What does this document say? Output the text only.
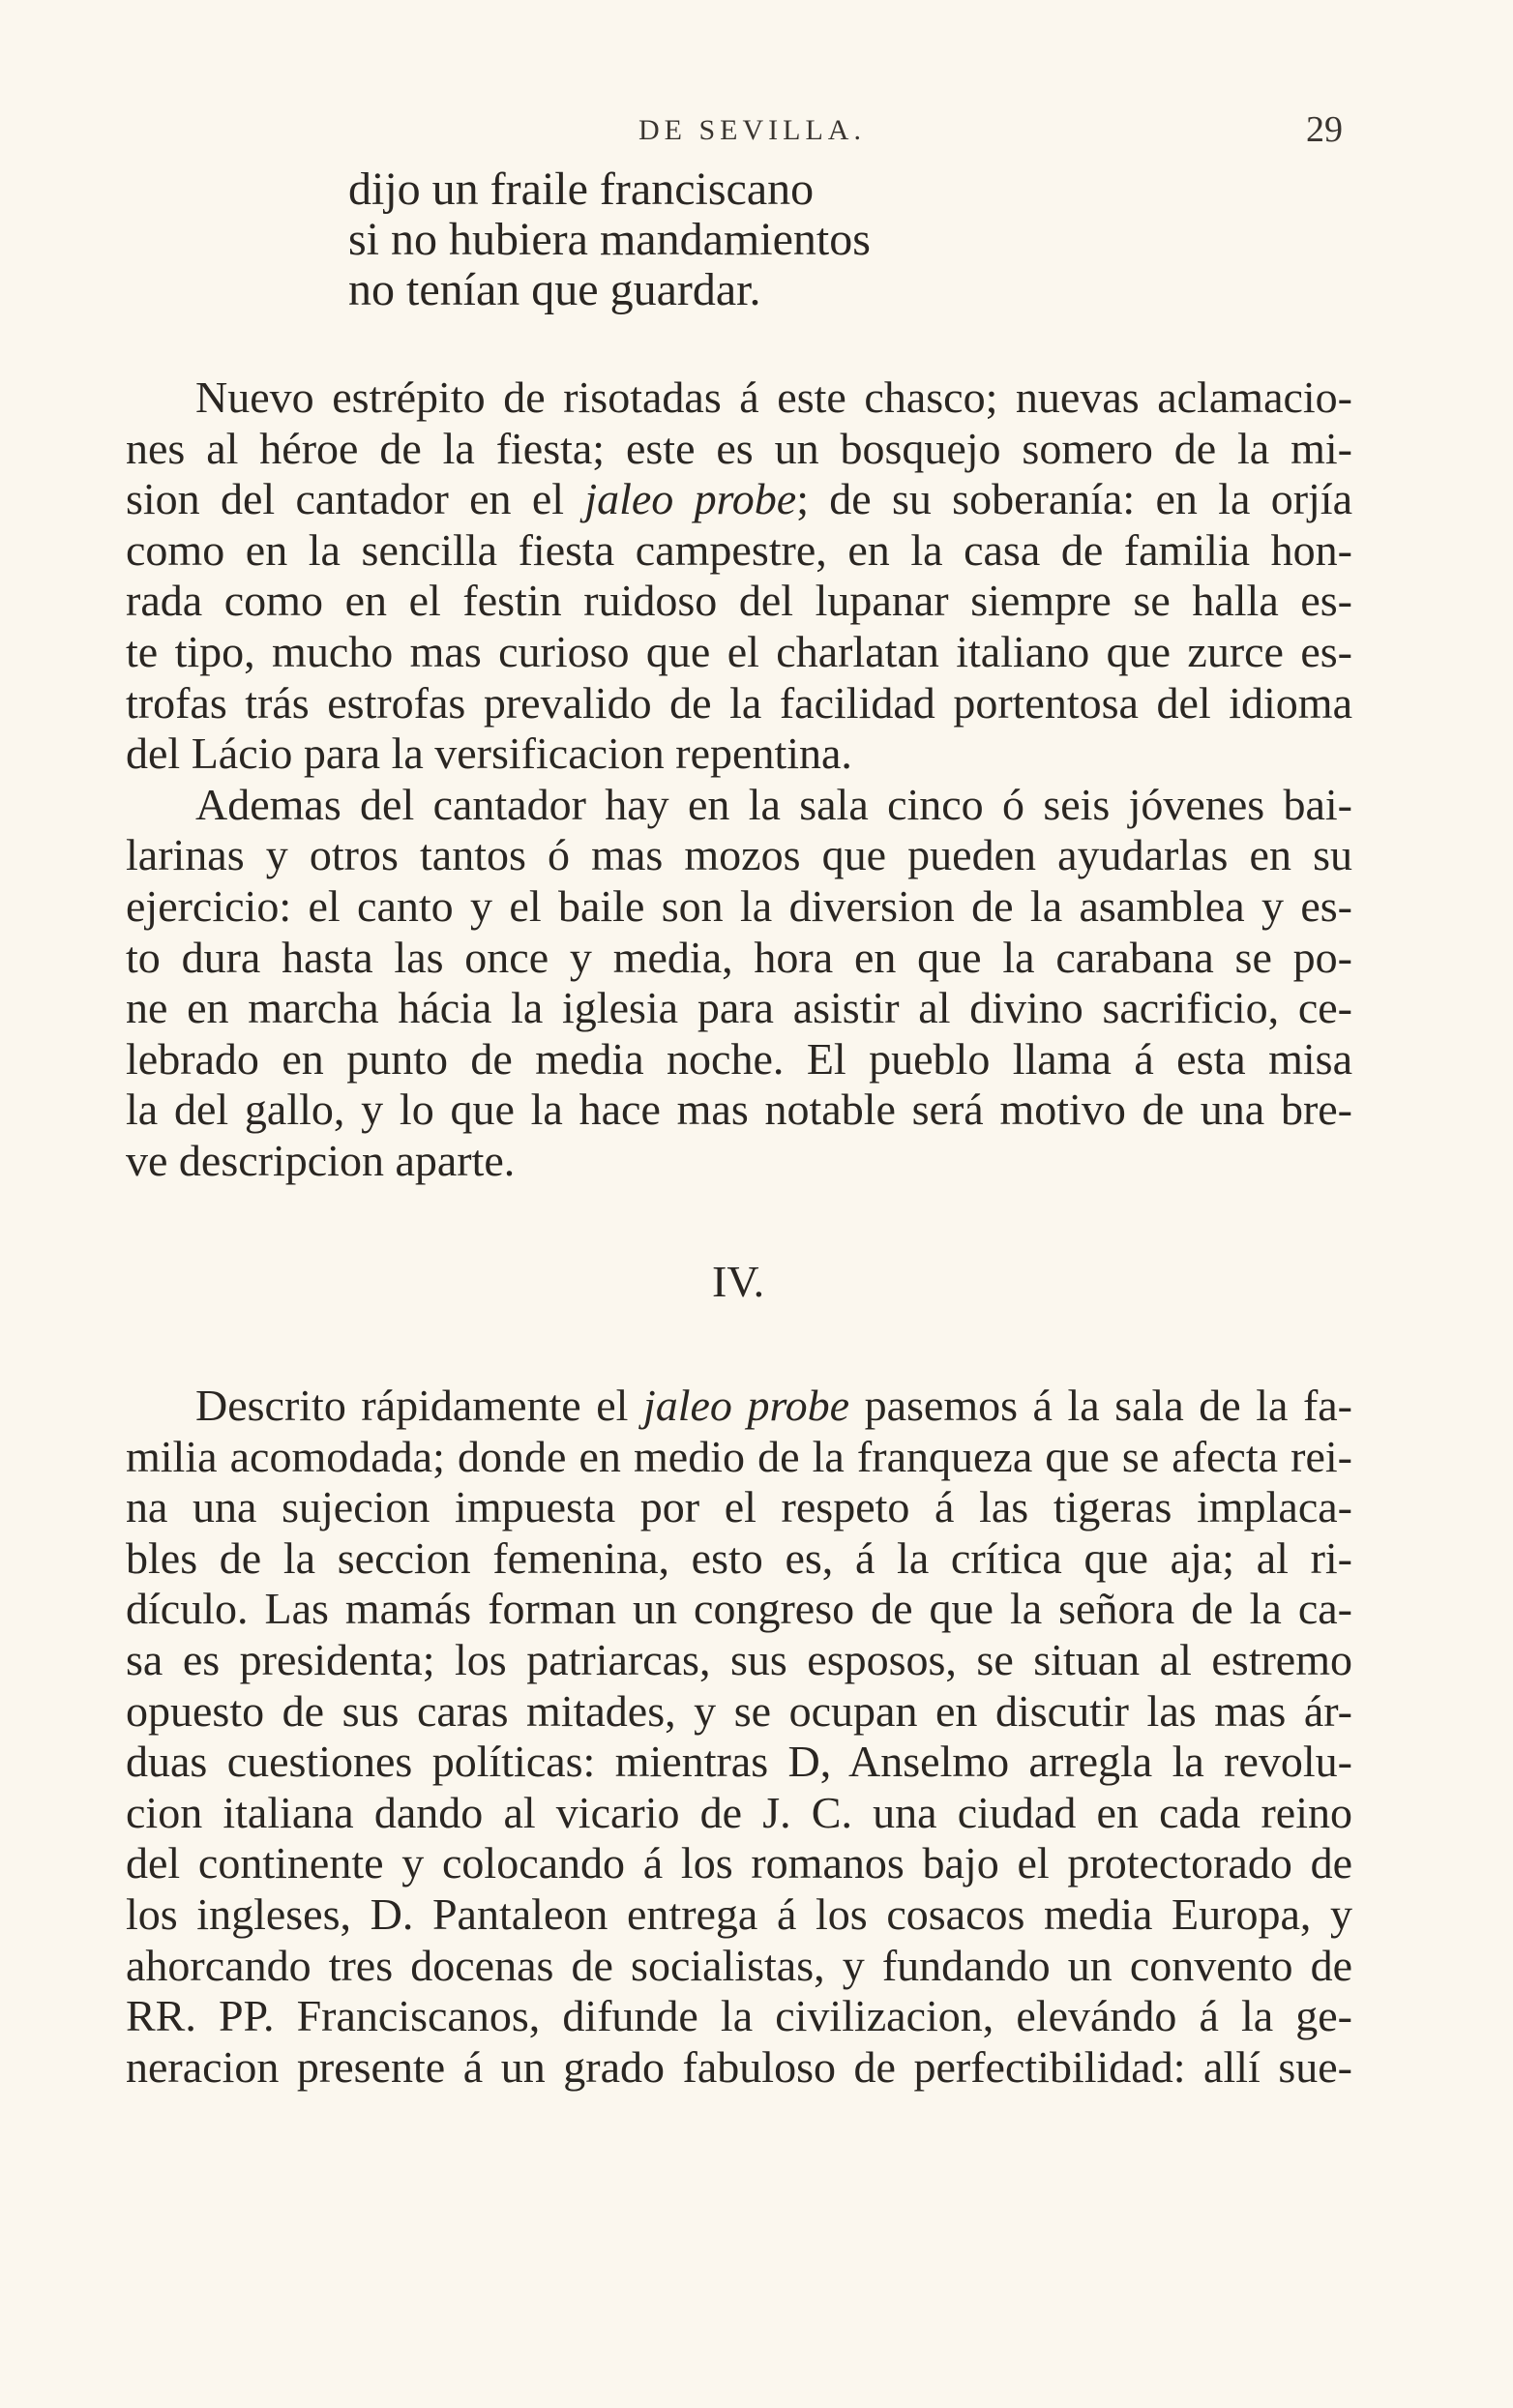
DE SEVILLA.	29
dijo un fraile franciscano
si no hubiera mandamientos
no tenían que guardar.
Nuevo estrépito de risotadas á este chasco; nuevas aclamacio-
nes al héroe de la fiesta; este es un bosquejo somero de la mi-
sion del cantador en el jaleo probe; de su soberanía: en la orjía
como en la sencilla fiesta campestre, en la casa de familia hon-
rada como en el festin ruidoso del lupanar siempre se halla es-
te tipo, mucho mas curioso que el charlatan italiano que zurce es-
trofas trás estrofas prevalido de la facilidad portentosa del idioma
del Lácio para la versificacion repentina.
Ademas del cantador hay en la sala cinco ó seis jóvenes bai-
larinas y otros tantos ó mas mozos que pueden ayudarlas en su
ejercicio: el canto y el baile son la diversion de la asamblea y es-
to dura hasta las once y media, hora en que la carabana se po-
ne en marcha hácia la iglesia para asistir al divino sacrificio, ce-
lebrado en punto de media noche. El pueblo llama á esta misa
la del gallo, y lo que la hace mas notable será motivo de una bre-
ve descripcion aparte.
IV.
Descrito rápidamente el jaleo probe pasemos á la sala de la fa-
milia acomodada; donde en medio de la franqueza que se afecta rei-
na una sujecion impuesta por el respeto á las tigeras implaca-
bles de la seccion femenina, esto es, á la crítica que aja; al ri-
dículo. Las mamás forman un congreso de que la señora de la ca-
sa es presidenta; los patriarcas, sus esposos, se situan al estremo
opuesto de sus caras mitades, y se ocupan en discutir las mas ár-
duas cuestiones políticas: mientras D, Anselmo arregla la revolu-
cion italiana dando al vicario de J. C. una ciudad en cada reino
del continente y colocando á los romanos bajo el protectorado de
los ingleses, D. Pantaleon entrega á los cosacos media Europa, y
ahorcando tres docenas de socialistas, y fundando un convento de
RR. PP. Franciscanos, difunde la civilizacion, elevándo á la ge-
neracion presente á un grado fabuloso de perfectibilidad: allí sue-
